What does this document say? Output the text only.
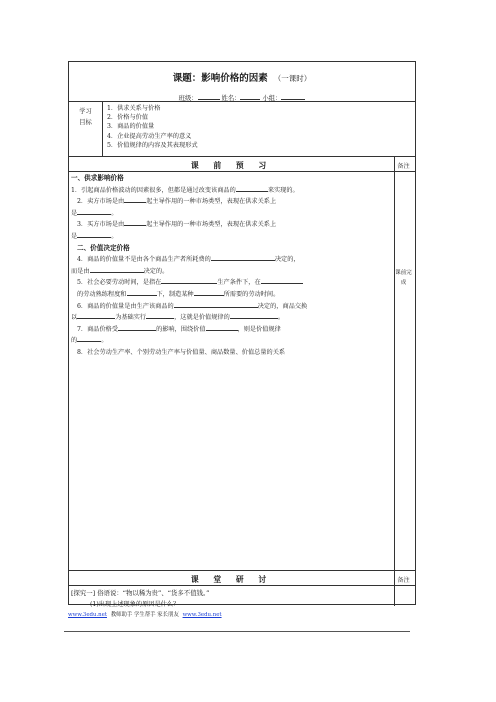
课题：影响价格的因素 （一课时）
班级：	姓名：	小组：
学习
目标
1．供求关系与价格
2．价格与价值
3．商品的价值量
4．企业提高劳动生产率的意义
5．价值规律的内容及其表现形式
课 前 预 习	备注

一、供求影响价格

1．引起商品价格波动的因素很多，但都是通过改变该商品的	来实现的。

2．卖方市场是由	起主导作用的一种市场类型，表现在供求关系上

是	。

3．买方市场是由	起主导作用的一种市场类型，表现在供求关系上

是	。

二、价值决定价格

4．商品的价值量不是由各个商品生产者所耗费的	决定的，

而是由	决定的。

5．社会必要劳动时间，是指在	生产条件下，在

的劳动熟练程度和	下，制造某种	所需要的劳动时间。

6．商品的价值量是由生产该商品的	决定的，商品交换

以	为基础实行	，这就是价值规律的	。

7．商品价格受	的影响，围绕价值	，则是价值规律

的	。

8．社会劳动生产率、个别劳动生产率与价值量、商品数量、价值总量的关系

课前完
成
课 堂 研 讨	备注

[探究一] 俗语说：“物以稀为贵”、“货多不值钱。”

(1)出现上述现象的原因是什么？
www.3edu.net 教师助手 学生帮手 家长朋友 www.3edu.net
